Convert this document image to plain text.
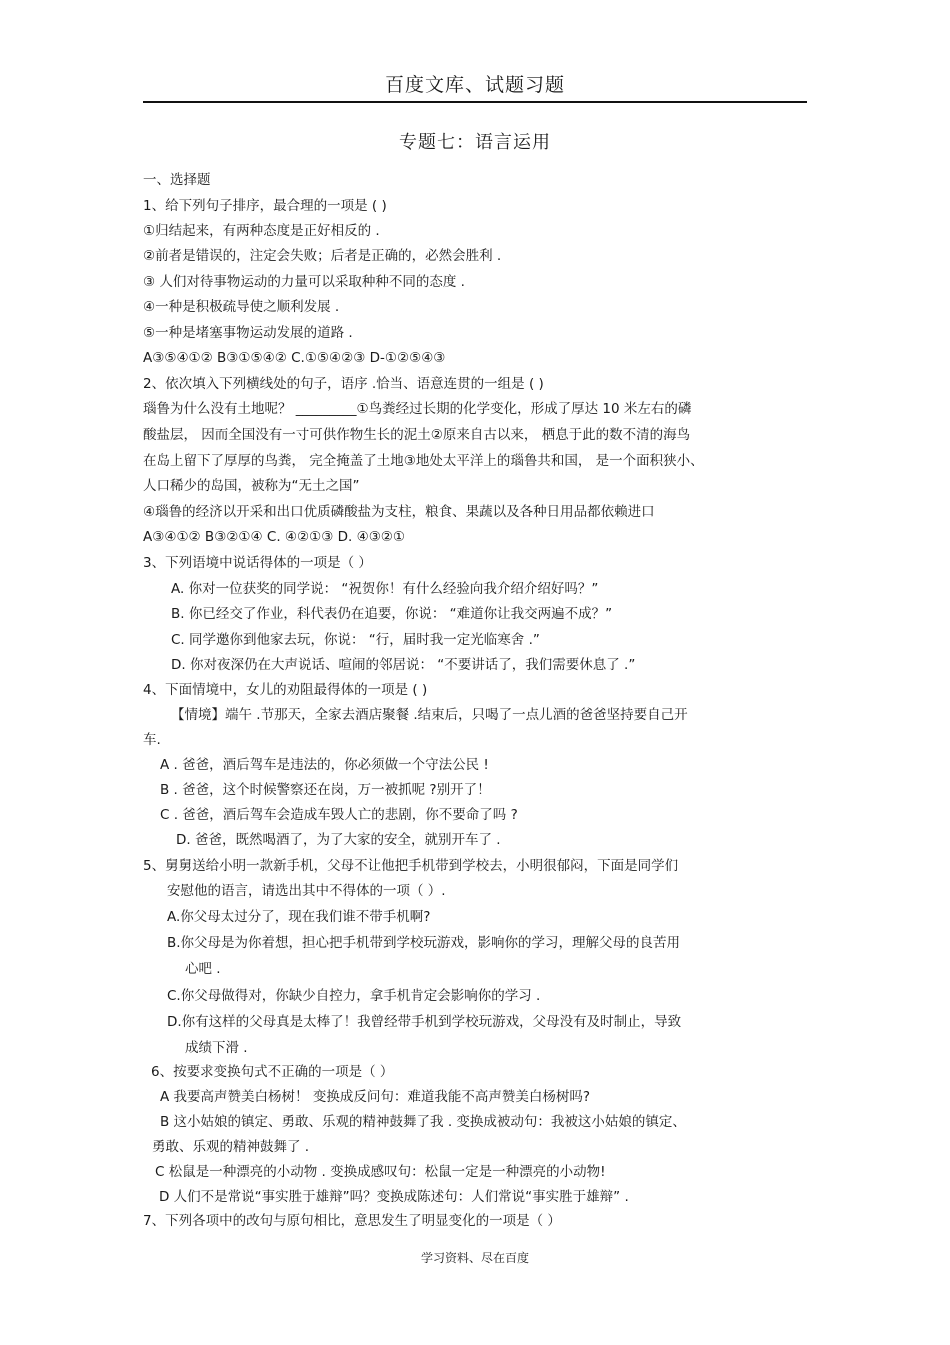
百度文库、试题习题
专题七：语言运用
一、选择题
1、给下列句子排序，最合理的一项是 ( )
①归结起来，有两种态度是正好相反的 .
②前者是错误的，注定会失败；后者是正确的，必然会胜利 .
③ 人们对待事物运动的力量可以采取种种不同的态度 .
④一种是积极疏导使之顺利发展 .
⑤一种是堵塞事物运动发展的道路 .
A③⑤④①② B③①⑤④② C.①⑤④②③ D-①②⑤④③
2、依次填入下列横线处的句子，语序 .恰当、语意连贯的一组是 ( )
瑙鲁为什么没有土地呢？ _________①鸟粪经过长期的化学变化，形成了厚达 10 米左右的磷
酸盐层， 因而全国没有一寸可供作物生长的泥土②原来自古以来， 栖息于此的数不清的海鸟
在岛上留下了厚厚的鸟粪， 完全掩盖了土地③地处太平洋上的瑙鲁共和国， 是一个面积狭小、
人口稀少的岛国，被称为“无土之国”
④瑙鲁的经济以开采和出口优质磷酸盐为支柱，粮食、果蔬以及各种日用品都依赖进口
A③④①② B③②①④ C. ④②①③ D. ④③②①
3、下列语境中说话得体的一项是（ ）
A. 你对一位获奖的同学说： “祝贺你！有什么经验向我介绍介绍好吗？”
B. 你已经交了作业，科代表仍在追要，你说： “难道你让我交两遍不成？”
C. 同学邀你到他家去玩，你说： “行，届时我一定光临寒舍 .”
D. 你对夜深仍在大声说话、喧闹的邻居说： “不要讲话了，我们需要休息了 .”
4、下面情境中，女儿的劝阻最得体的一项是 ( )
【情境】端午 .节那天，全家去酒店聚餐 .结束后，只喝了一点儿酒的爸爸坚持要自己开
车.
A . 爸爸，酒后驾车是违法的，你必须做一个守法公民 !
B . 爸爸，这个时候警察还在岗，万一被抓呢 ?别开了！
C . 爸爸，酒后驾车会造成车毁人亡的悲剧，你不要命了吗 ?
D. 爸爸，既然喝酒了，为了大家的安全，就别开车了 .
5、舅舅送给小明一款新手机，父母不让他把手机带到学校去，小明很郁闷，下面是同学们
安慰他的语言，请选出其中不得体的一项（ ）.
A.你父母太过分了，现在我们谁不带手机啊?
B.你父母是为你着想，担心把手机带到学校玩游戏，影响你的学习，理解父母的良苦用
心吧 .
C.你父母做得对，你缺少自控力，拿手机肯定会影响你的学习 .
D.你有这样的父母真是太棒了！我曾经带手机到学校玩游戏，父母没有及时制止，导致
成绩下滑 .
6、按要求变换句式不正确的一项是（ ）
A 我要高声赞美白杨树！ 变换成反问句：难道我能不高声赞美白杨树吗?
B 这小姑娘的镇定、勇敢、乐观的精神鼓舞了我 . 变换成被动句：我被这小姑娘的镇定、
勇敢、乐观的精神鼓舞了 .
C 松鼠是一种漂亮的小动物 . 变换成感叹句：松鼠一定是一种漂亮的小动物!
D 人们不是常说“事实胜于雄辩”吗？变换成陈述句：人们常说“事实胜于雄辩” .
7、下列各项中的改句与原句相比，意思发生了明显变化的一项是（ ）
学习资料、尽在百度
